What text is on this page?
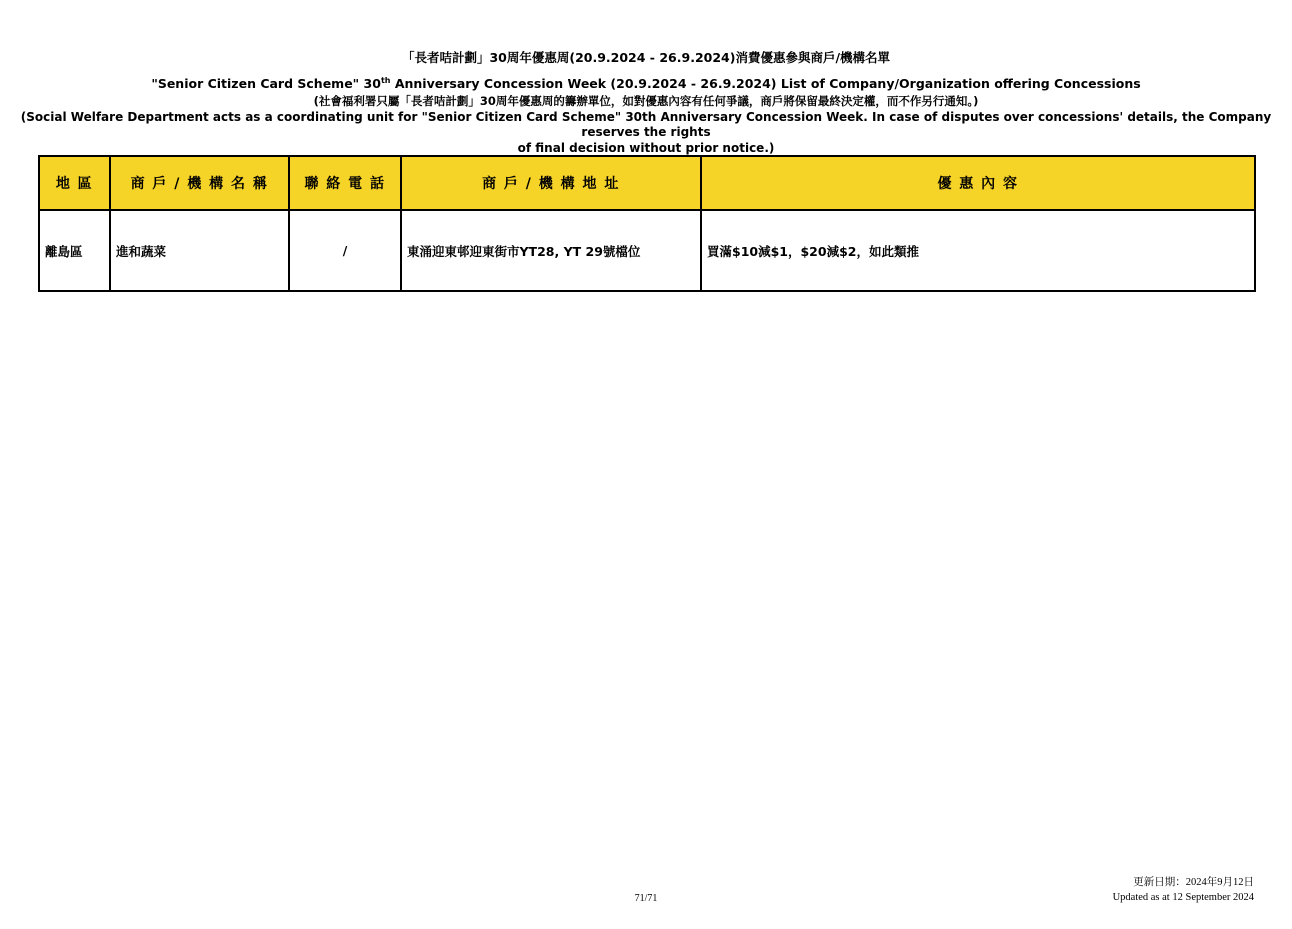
「長者咭計劃」30周年優惠周(20.9.2024 - 26.9.2024)消費優惠參與商戶/機構名單
"Senior Citizen Card Scheme" 30th Anniversary Concession Week (20.9.2024 - 26.9.2024) List of Company/Organization offering Concessions
(社會福利署只屬「長者咭計劃」30周年優惠周的籌辦單位，如對優惠內容有任何爭議，商戶將保留最終決定權，而不作另行通知。)
(Social Welfare Department acts as a coordinating unit for "Senior Citizen Card Scheme" 30th Anniversary Concession Week. In case of disputes over concessions' details, the Company reserves the rights
of final decision without prior notice.)
地 區	商 戶 / 機 構 名 稱	聯 絡 電 話	商 戶 / 機 構 地 址	優 惠 內 容
離島區	進和蔬菜	/	東涌迎東邨迎東街市YT28, YT 29號檔位	買滿$10減$1，$20減$2，如此類推
71/71
更新日期：2024年9月12日
Updated as at 12 September 2024
